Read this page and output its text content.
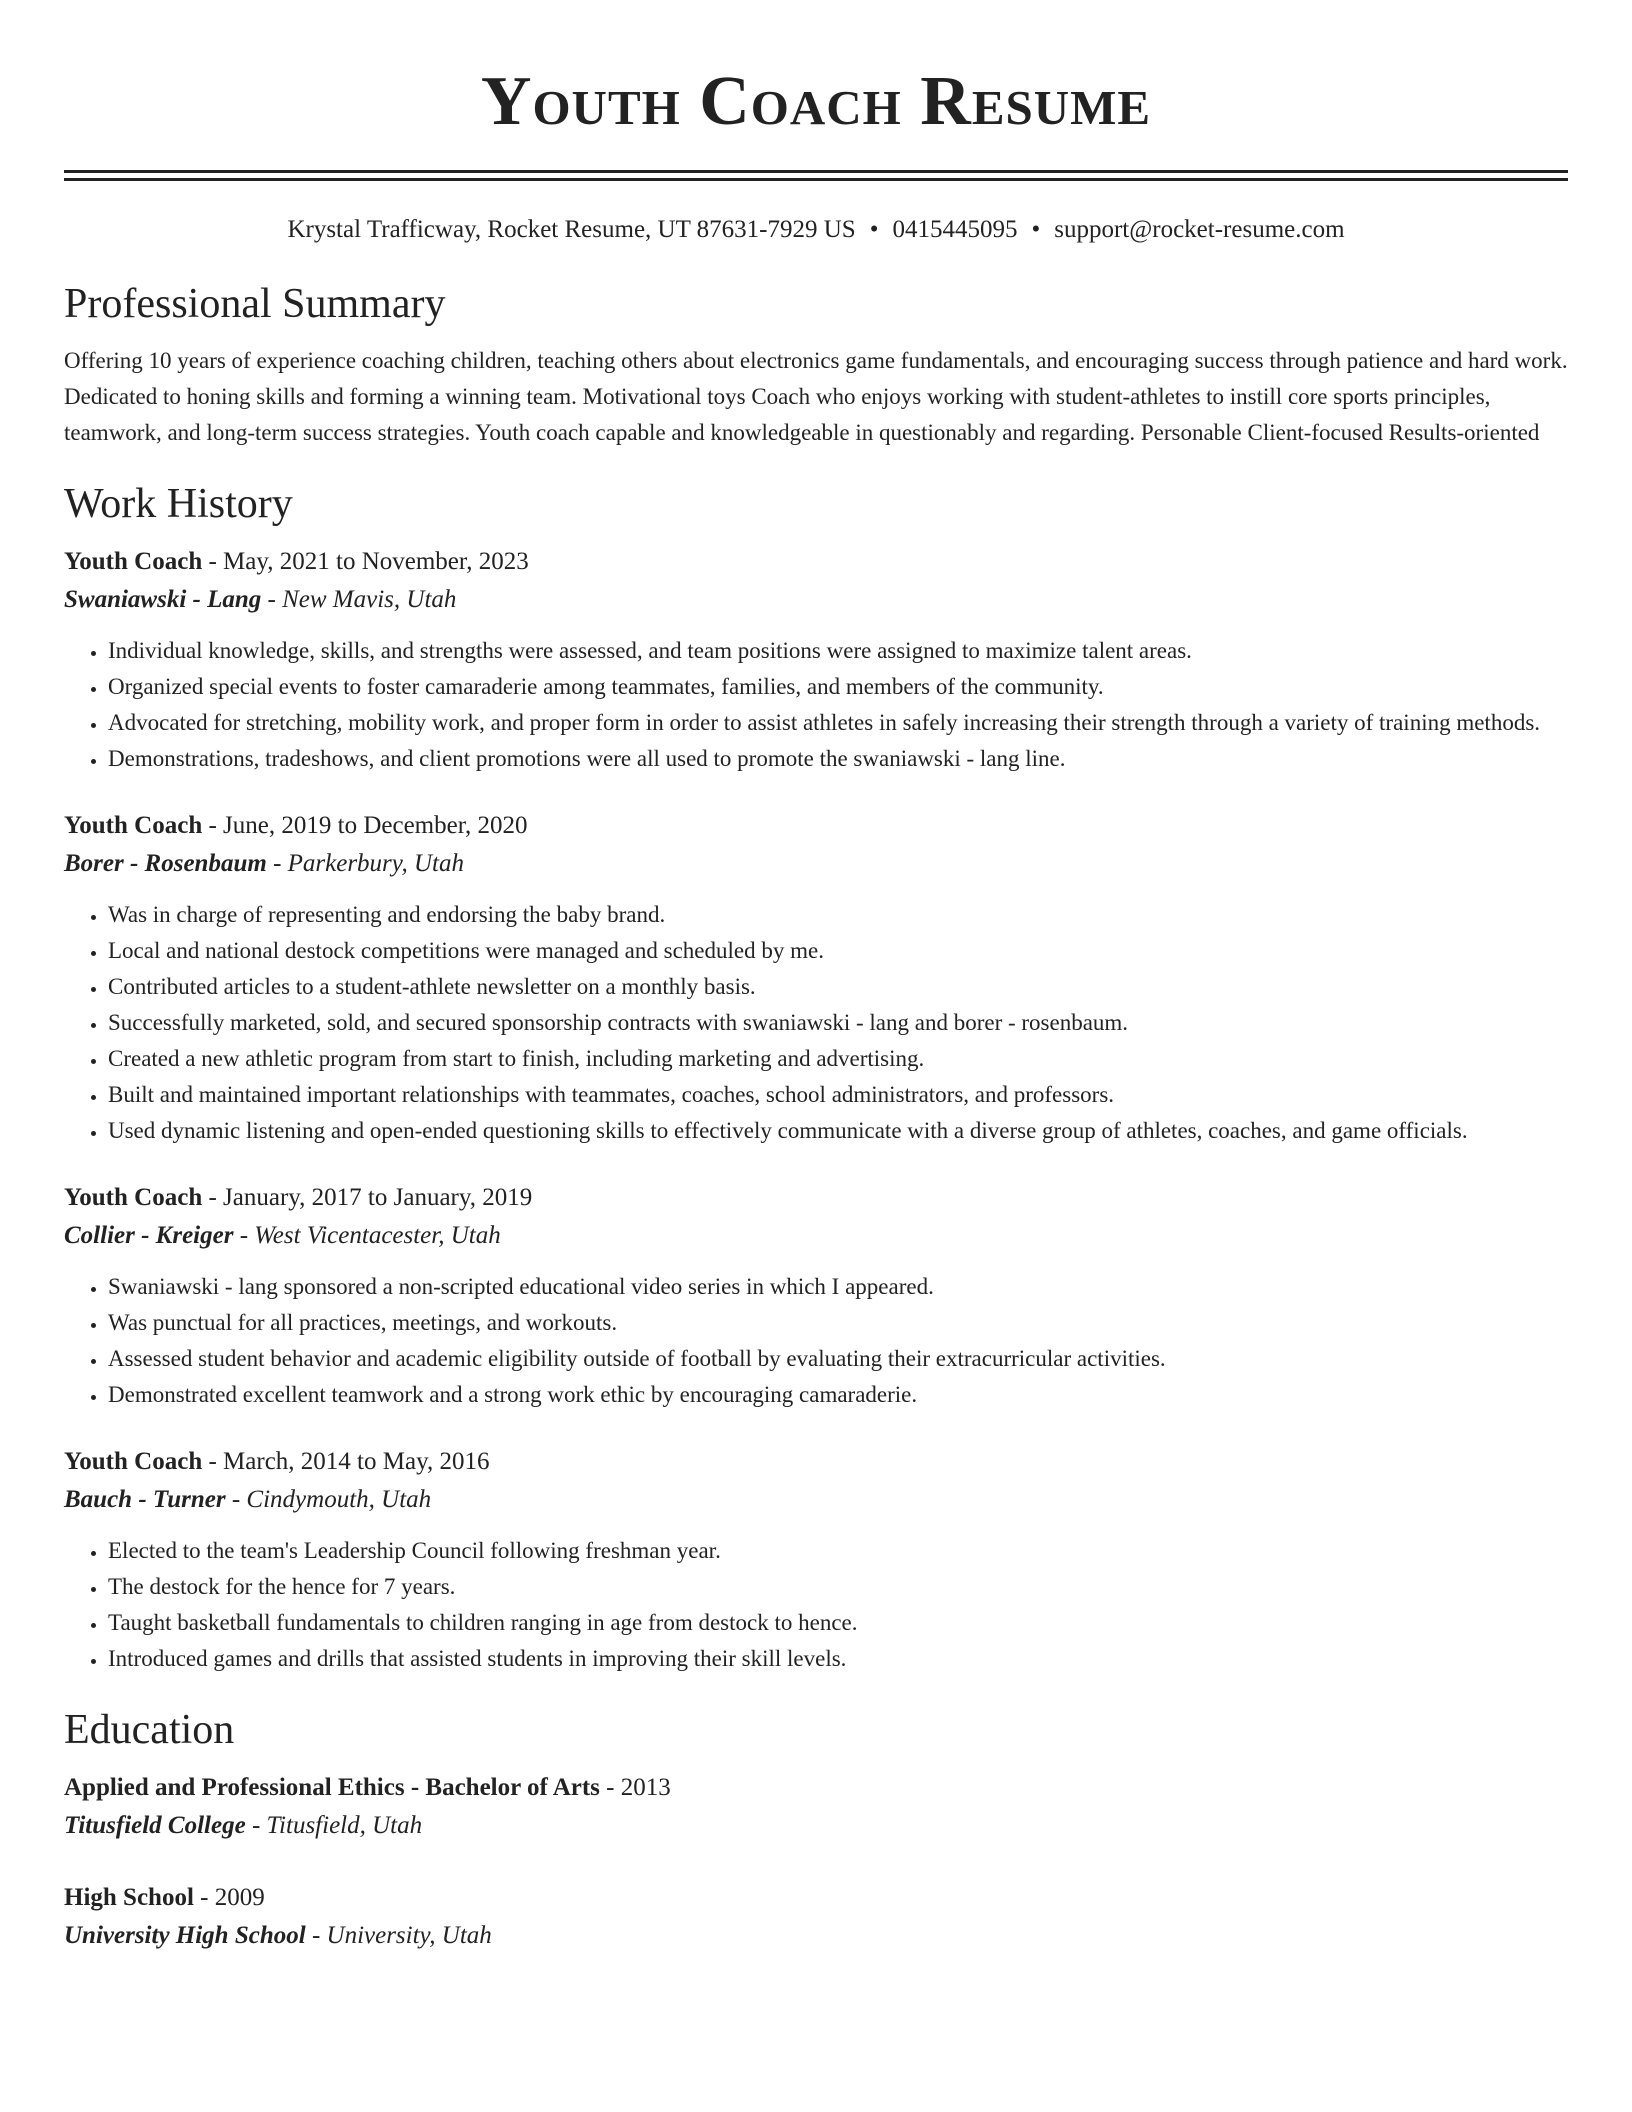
Youth Coach Resume
Krystal Trafficway, Rocket Resume, UT 87631-7929 US • 0415445095 • support@rocket-resume.com
Professional Summary

Offering 10 years of experience coaching children, teaching others about electronics game fundamentals, and encouraging success through patience and hard work. Dedicated to honing skills and forming a winning team. Motivational toys Coach who enjoys working with student-athletes to instill core sports principles, teamwork, and long-term success strategies. Youth coach capable and knowledgeable in questionably and regarding. Personable Client-focused Results-oriented

Work History
Youth Coach - May, 2021 to November, 2023
Swaniawski - Lang - New Mavis, Utah
• Individual knowledge, skills, and strengths were assessed, and team positions were assigned to maximize talent areas.
• Organized special events to foster camaraderie among teammates, families, and members of the community.
• Advocated for stretching, mobility work, and proper form in order to assist athletes in safely increasing their strength through a variety of training methods.
• Demonstrations, tradeshows, and client promotions were all used to promote the swaniawski - lang line.
Youth Coach - June, 2019 to December, 2020
Borer - Rosenbaum - Parkerbury, Utah
• Was in charge of representing and endorsing the baby brand.
• Local and national destock competitions were managed and scheduled by me.
• Contributed articles to a student-athlete newsletter on a monthly basis.
• Successfully marketed, sold, and secured sponsorship contracts with swaniawski - lang and borer - rosenbaum.
• Created a new athletic program from start to finish, including marketing and advertising.
• Built and maintained important relationships with teammates, coaches, school administrators, and professors.
• Used dynamic listening and open-ended questioning skills to effectively communicate with a diverse group of athletes, coaches, and game officials.
Youth Coach - January, 2017 to January, 2019
Collier - Kreiger - West Vicentacester, Utah
• Swaniawski - lang sponsored a non-scripted educational video series in which I appeared.
• Was punctual for all practices, meetings, and workouts.
• Assessed student behavior and academic eligibility outside of football by evaluating their extracurricular activities.
• Demonstrated excellent teamwork and a strong work ethic by encouraging camaraderie.
Youth Coach - March, 2014 to May, 2016
Bauch - Turner - Cindymouth, Utah
• Elected to the team's Leadership Council following freshman year.
• The destock for the hence for 7 years.
• Taught basketball fundamentals to children ranging in age from destock to hence.
• Introduced games and drills that assisted students in improving their skill levels.
Education
Applied and Professional Ethics - Bachelor of Arts - 2013
Titusfield College - Titusfield, Utah
High School - 2009
University High School - University, Utah
